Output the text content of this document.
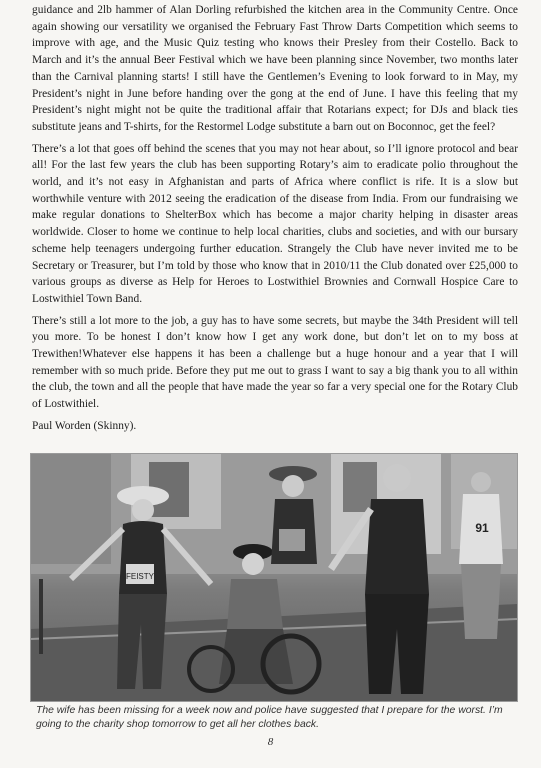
guidance and 2lb hammer of Alan Dorling refurbished the kitchen area in the Community Centre. Once again showing our versatility we organised the February Fast Throw Darts Competition which seems to improve with age, and the Music Quiz testing who knows their Presley from their Costello. Back to March and it’s the annual Beer Festival which we have been planning since November, two months later than the Carnival planning starts! I still have the Gentlemen’s Evening to look forward to in May, my President’s night in June before handing over the gong at the end of June. I have this feeling that my President’s night might not be quite the traditional affair that Rotarians expect; for DJs and black ties substitute jeans and T-shirts, for the Restormel Lodge substitute a barn out on Boconnoc, get the feel?

There’s a lot that goes off behind the scenes that you may not hear about, so I’ll ignore protocol and bear all! For the last few years the club has been supporting Rotary’s aim to eradicate polio throughout the world, and it’s not easy in Afghanistan and parts of Africa where conflict is rife. It is a slow but worthwhile venture with 2012 seeing the eradication of the disease from India. From our fundraising we make regular donations to ShelterBox which has become a major charity helping in disaster areas worldwide. Closer to home we continue to help local charities, clubs and societies, and with our bursary scheme help teenagers undergoing further education. Strangely the Club have never invited me to be Secretary or Treasurer, but I’m told by those who know that in 2010/11 the Club donated over £25,000 to various groups as diverse as Help for Heroes to Lostwithiel Brownies and Cornwall Hospice Care to Lostwithiel Town Band.

There’s still a lot more to the job, a guy has to have some secrets, but maybe the 34th President will tell you more. To be honest I don’t know how I get any work done, but don’t let on to my boss at Trewithen!Whatever else happens it has been a challenge but a huge honour and a year that I will remember with so much pride. Before they put me out to grass I want to say a big thank you to all within the club, the town and all the people that have made the year so far a very special one for the Rotary Club of Lostwithiel.

Paul Worden (Skinny).

FEISTY
91
The wife has been missing for a week now and police have suggested that I prepare for the worst. I’m going to the charity shop tomorrow to get all her clothes back.
8
